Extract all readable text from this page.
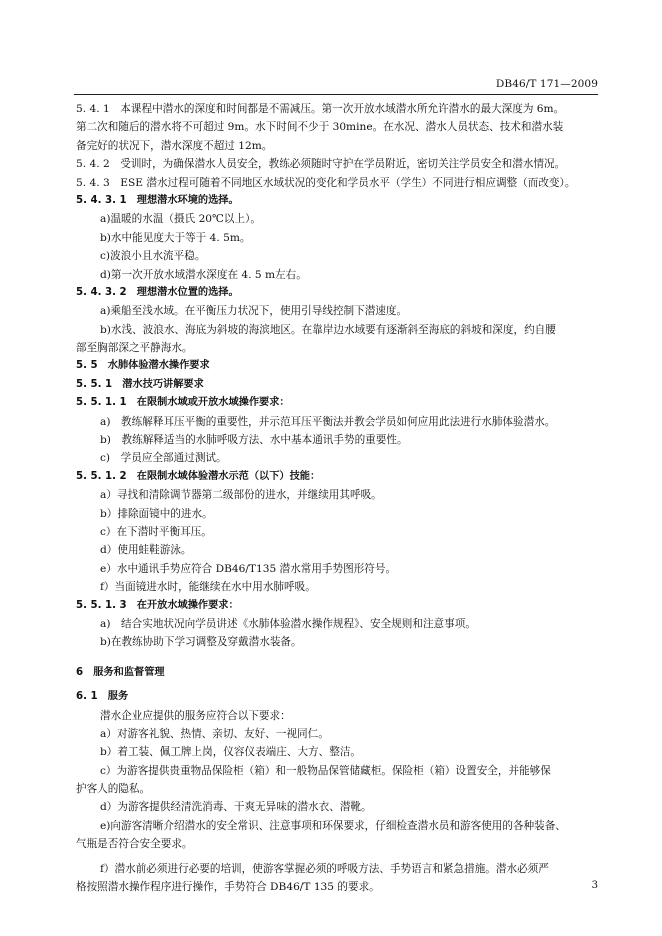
DB46/T 171—2009
5. 4. 1　本课程中潜水的深度和时间都是不需减压。第一次开放水域潜水所允许潜水的最大深度为 6m。
第二次和随后的潜水将不可超过 9m。水下时间不少于 30mine。在水况、潜水人员状态、技术和潜水装
备完好的状况下，潜水深度不超过 12m。
5. 4. 2　受训时，为确保潜水人员安全，教练必须随时守护在学员附近，密切关注学员安全和潜水情况。
5. 4. 3　ESE 潜水过程可随着不同地区水域状况的变化和学员水平（学生）不同进行相应调整（而改变）。
5. 4. 3. 1　理想潜水环境的选择。
a)温暖的水温（摄氏 20℃以上）。
b)水中能见度大于等于 4. 5m。
c)波浪小且水流平稳。
d)第一次开放水域潜水深度在 4. 5 m左右。
5. 4. 3. 2　理想潜水位置的选择。
a)乘船至浅水域。在平衡压力状况下，使用引导线控制下潜速度。
b)水浅、波浪水、海底为斜坡的海滨地区。在靠岸边水域要有逐渐斜至海底的斜坡和深度，约自腰
部至胸部深之平静海水。
5. 5　水肺体验潜水操作要求
5. 5. 1　潜水技巧讲解要求
5. 5. 1. 1　在限制水域或开放水域操作要求：
a)　教练解释耳压平衡的重要性，并示范耳压平衡法并教会学员如何应用此法进行水肺体验潜水。
b)　教练解释适当的水肺呼吸方法、水中基本通讯手势的重要性。
c)　学员应全部通过测试。
5. 5. 1. 2　在限制水域体验潜水示范（以下）技能：
a）寻找和清除调节器第二级部份的进水，并继续用其呼吸。
b）排除面镜中的进水。
c）在下潜时平衡耳压。
d）使用蛙鞋游泳。
e）水中通讯手势应符合 DB46/T135 潜水常用手势图形符号。
f）当面镜进水时，能继续在水中用水肺呼吸。
5. 5. 1. 3　在开放水域操作要求：
a)　结合实地状况向学员讲述《水肺体验潜水操作规程》、安全规则和注意事项。
b)在教练协助下学习调整及穿戴潜水装备。
6　服务和监督管理
6. 1　服务
潜水企业应提供的服务应符合以下要求：
a）对游客礼貌、热情、亲切、友好、一视同仁。
b）着工装、佩工牌上岗，仪容仪表端庄、大方、整洁。
c）为游客提供贵重物品保险柜（箱）和一般物品保管储藏柜。保险柜（箱）设置安全，并能够保
护客人的隐私。
d）为游客提供经清洗消毒、干爽无异味的潜水衣、潜靴。
e)向游客清晰介绍潜水的安全常识、注意事项和环保要求，仔细检查潜水员和游客使用的各种装备、
气瓶是否符合安全要求。
f）潜水前必须进行必要的培训，使游客掌握必须的呼吸方法、手势语言和紧急措施。潜水必须严
格按照潜水操作程序进行操作，手势符合 DB46/T 135 的要求。	3
